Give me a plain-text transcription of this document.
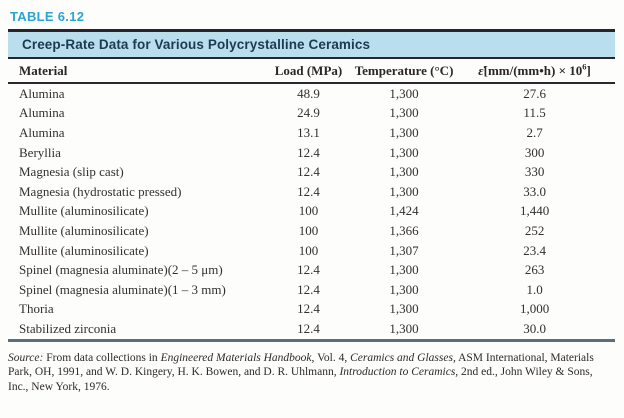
TABLE 6.12
Creep-Rate Data for Various Polycrystalline Ceramics
Material	Load (MPa)	Temperature (°C)	ε̇[mm/(mm•h) × $10^6$]
Alumina	48.9	1,300	27.6
Alumina	24.9	1,300	11.5
Alumina	13.1	1,300	2.7
Beryllia	12.4	1,300	300
Magnesia (slip cast)	12.4	1,300	330
Magnesia (hydrostatic pressed)	12.4	1,300	33.0
Mullite (aluminosilicate)	100	1,424	1,440
Mullite (aluminosilicate)	100	1,366	252
Mullite (aluminosilicate)	100	1,307	23.4
Spinel (magnesia aluminate)(2 – 5 μm)	12.4	1,300	263
Spinel (magnesia aluminate)(1 – 3 mm)	12.4	1,300	1.0
Thoria	12.4	1,300	1,000
Stabilized zirconia	12.4	1,300	30.0
Source: From data collections in Engineered Materials Handbook, Vol. 4, Ceramics and Glasses, ASM International, Materials Park, OH, 1991, and W. D. Kingery, H. K. Bowen, and D. R. Uhlmann, Introduction to Ceramics, 2nd ed., John Wiley & Sons, Inc., New York, 1976.
